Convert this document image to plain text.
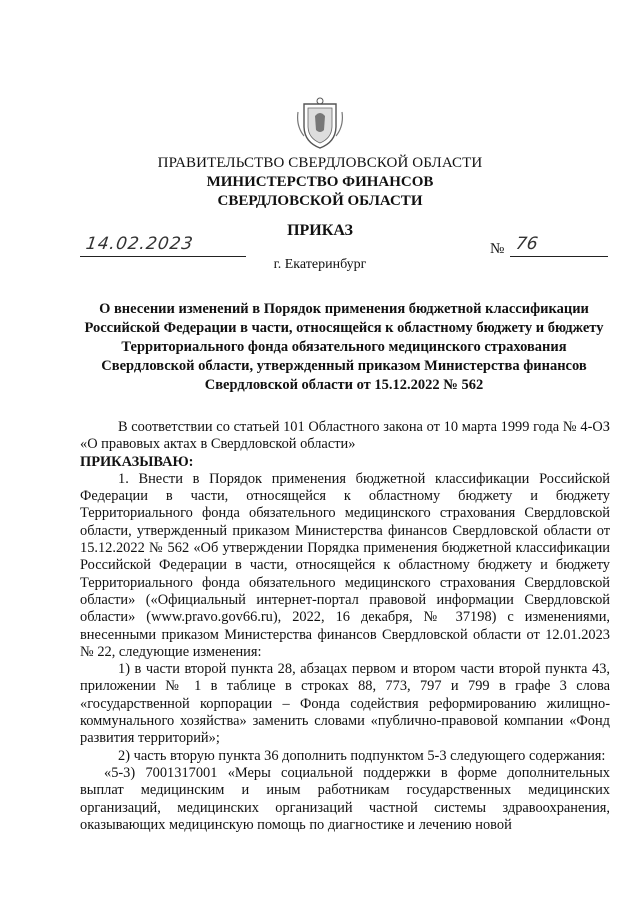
ПРАВИТЕЛЬСТВО СВЕРДЛОВСКОЙ ОБЛАСТИ
МИНИСТЕРСТВО ФИНАНСОВ
СВЕРДЛОВСКОЙ ОБЛАСТИ
ПРИКАЗ
14.02.2023	№ 76
г. Екатеринбург
О внесении изменений в Порядок применения бюджетной классификации Российской Федерации в части, относящейся к областному бюджету и бюджету Территориального фонда обязательного медицинского страхования Свердловской области, утвержденный приказом Министерства финансов Свердловской области от 15.12.2022 № 562

В соответствии со статьей 101 Областного закона от 10 марта 1999 года № 4-ОЗ «О правовых актах в Свердловской области»

ПРИКАЗЫВАЮ:

1. Внести в Порядок применения бюджетной классификации Российской Федерации в части, относящейся к областному бюджету и бюджету Территориального фонда обязательного медицинского страхования Свердловской области, утвержденный приказом Министерства финансов Свердловской области от 15.12.2022 № 562 «Об утверждении Порядка применения бюджетной классификации Российской Федерации в части, относящейся к областному бюджету и бюджету Территориального фонда обязательного медицинского страхования Свердловской области» («Официальный интернет-портал правовой информации Свердловской области» (www.pravo.gov66.ru), 2022, 16 декабря, № 37198) с изменениями, внесенными приказом Министерства финансов Свердловской области от 12.01.2023 № 22, следующие изменения:

1) в части второй пункта 28, абзацах первом и втором части второй пункта 43, приложении № 1 в таблице в строках 88, 773, 797 и 799 в графе 3 слова «государственной корпорации – Фонда содействия реформированию жилищно-коммунального хозяйства» заменить словами «публично-правовой компании «Фонд развития территорий»;

2) часть вторую пункта 36 дополнить подпунктом 5-3 следующего содержания:

«5-3) 7001317001 «Меры социальной поддержки в форме дополнительных выплат медицинским и иным работникам государственных медицинских организаций, медицинских организаций частной системы здравоохранения, оказывающих медицинскую помощь по диагностике и лечению новой
